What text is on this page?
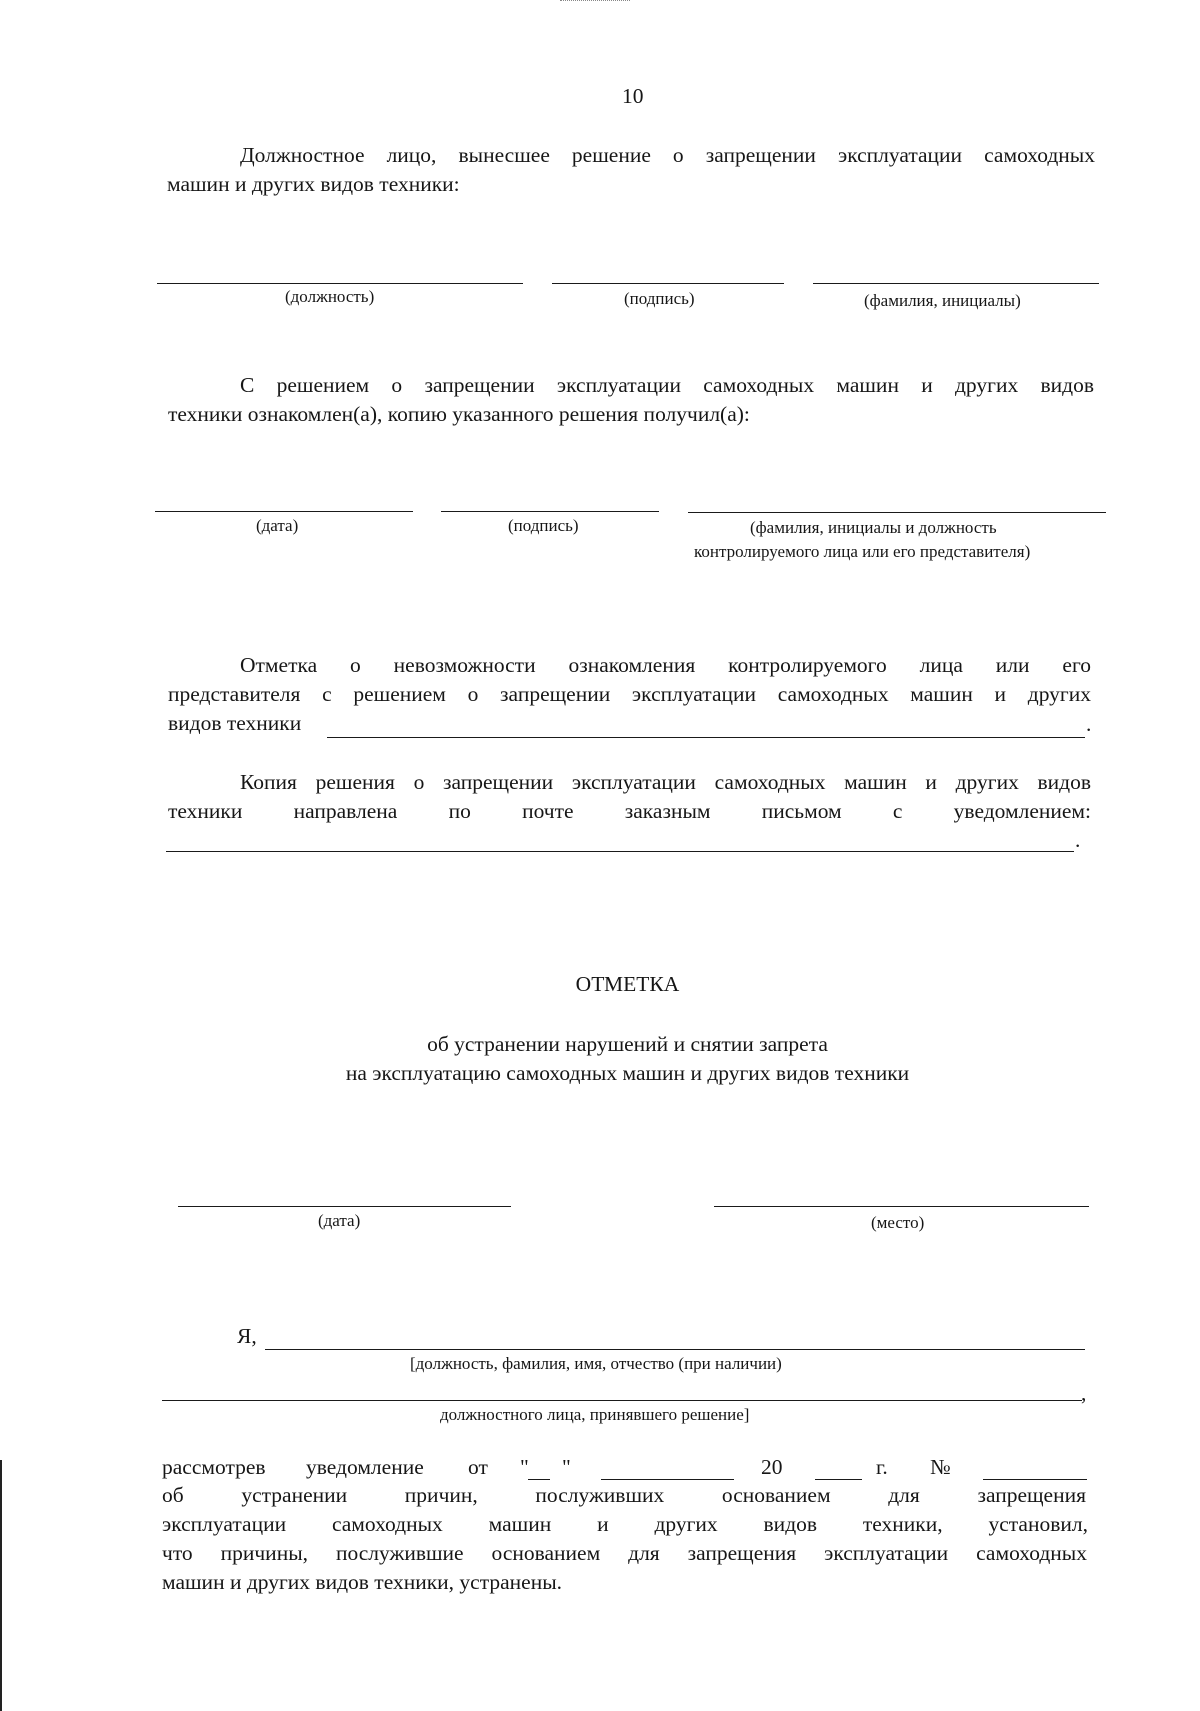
10
Должностное лицо, вынесшее решение о запрещении эксплуатации самоходных
машин и других видов техники:
(должность)	(подпись)	(фамилия, инициалы)
С решением о запрещении эксплуатации самоходных машин и других видов
техники ознакомлен(а), копию указанного решения получил(а):
(дата)	(подпись)	(фамилия, инициалы и должность
контролируемого лица или его представителя)
Отметка о невозможности ознакомления контролируемого лица или его
представителя с решением о запрещении эксплуатации самоходных машин и других
видов техники	.
Копия решения о запрещении эксплуатации самоходных машин и других видов
техники направлена по почте заказным письмом с уведомлением:
.
ОТМЕТКА
об устранении нарушений и снятии запрета
на эксплуатацию самоходных машин и других видов техники
(дата)	(место)
Я,
[должность, фамилия, имя, отчество (при наличии)
,
должностного лица, принявшего решение]
рассмотрев уведомление от " "	20	г. №
об устранении причин, послуживших основанием для запрещения
эксплуатации самоходных машин и других видов техники, установил,
что причины, послужившие основанием для запрещения эксплуатации самоходных
машин и других видов техники, устранены.
